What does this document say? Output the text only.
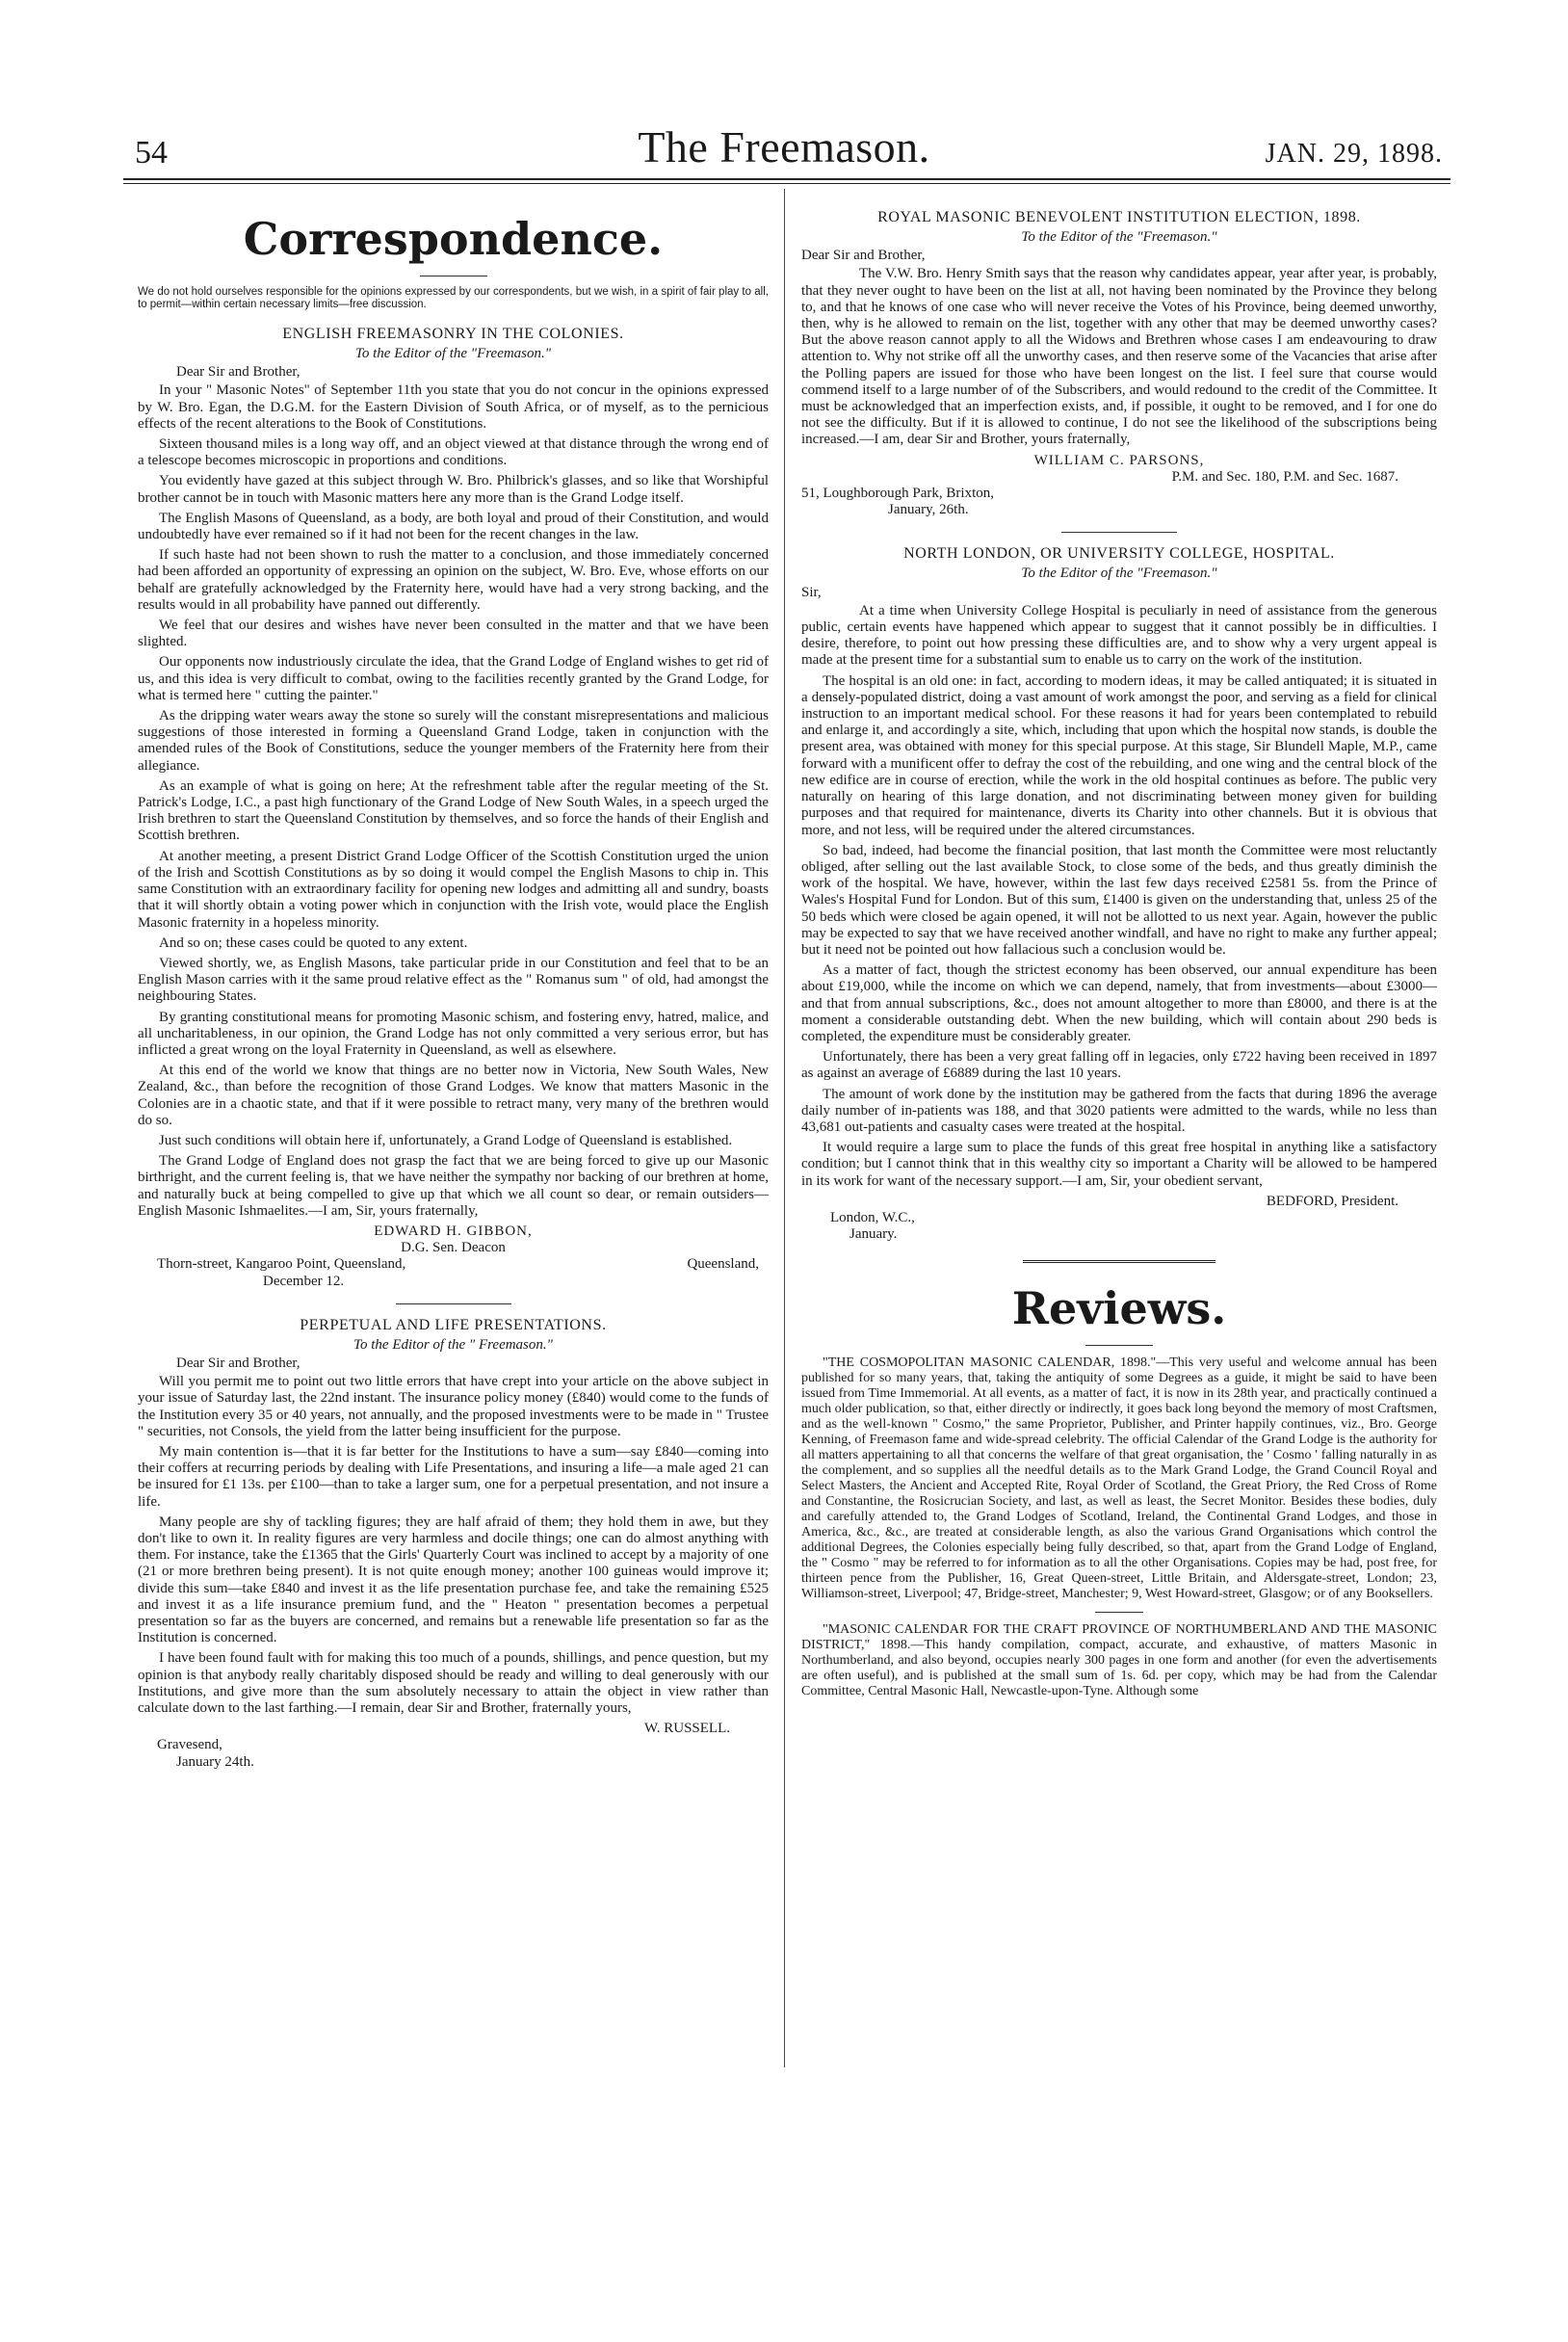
54	The Freemason.	JAN. 29, 1898.
Correspondence.
We do not hold ourselves responsible for the opinions expressed by our correspondents, but we wish, in a spirit of fair play to all, to permit—within certain necessary limits—free discussion.
ENGLISH FREEMASONRY IN THE COLONIES.
To the Editor of the "Freemason."
Dear Sir and Brother,

In your " Masonic Notes" of September 11th you state that you do not concur in the opinions expressed by W. Bro. Egan, the D.G.M. for the Eastern Division of South Africa, or of myself, as to the pernicious effects of the recent alterations to the Book of Constitutions.

Sixteen thousand miles is a long way off, and an object viewed at that distance through the wrong end of a telescope becomes microscopic in proportions and conditions.

You evidently have gazed at this subject through W. Bro. Philbrick's glasses, and so like that Worshipful brother cannot be in touch with Masonic matters here any more than is the Grand Lodge itself.

The English Masons of Queensland, as a body, are both loyal and proud of their Constitution, and would undoubtedly have ever remained so if it had not been for the recent changes in the law.

If such haste had not been shown to rush the matter to a conclusion, and those immediately concerned had been afforded an opportunity of expressing an opinion on the subject, W. Bro. Eve, whose efforts on our behalf are gratefully acknowledged by the Fraternity here, would have had a very strong backing, and the results would in all probability have panned out differently.

We feel that our desires and wishes have never been consulted in the matter and that we have been slighted.

Our opponents now industriously circulate the idea, that the Grand Lodge of England wishes to get rid of us, and this idea is very difficult to combat, owing to the facilities recently granted by the Grand Lodge, for what is termed here " cutting the painter."

As the dripping water wears away the stone so surely will the constant misrepresentations and malicious suggestions of those interested in forming a Queensland Grand Lodge, taken in conjunction with the amended rules of the Book of Constitutions, seduce the younger members of the Fraternity here from their allegiance.

As an example of what is going on here; At the refreshment table after the regular meeting of the St. Patrick's Lodge, I.C., a past high functionary of the Grand Lodge of New South Wales, in a speech urged the Irish brethren to start the Queensland Constitution by themselves, and so force the hands of their English and Scottish brethren.

At another meeting, a present District Grand Lodge Officer of the Scottish Constitution urged the union of the Irish and Scottish Constitutions as by so doing it would compel the English Masons to chip in. This same Constitution with an extraordinary facility for opening new lodges and admitting all and sundry, boasts that it will shortly obtain a voting power which in conjunction with the Irish vote, would place the English Masonic fraternity in a hopeless minority.

And so on; these cases could be quoted to any extent.

Viewed shortly, we, as English Masons, take particular pride in our Constitution and feel that to be an English Mason carries with it the same proud relative effect as the " Romanus sum " of old, had amongst the neighbouring States.

By granting constitutional means for promoting Masonic schism, and fostering envy, hatred, malice, and all uncharitableness, in our opinion, the Grand Lodge has not only committed a very serious error, but has inflicted a great wrong on the loyal Fraternity in Queensland, as well as elsewhere.

At this end of the world we know that things are no better now in Victoria, New South Wales, New Zealand, &c., than before the recognition of those Grand Lodges. We know that matters Masonic in the Colonies are in a chaotic state, and that if it were possible to retract many, very many of the brethren would do so.

Just such conditions will obtain here if, unfortunately, a Grand Lodge of Queensland is established.

The Grand Lodge of England does not grasp the fact that we are being forced to give up our Masonic birthright, and the current feeling is, that we have neither the sympathy nor backing of our brethren at home, and naturally buck at being compelled to give up that which we all count so dear, or remain outsiders—English Masonic Ishmaelites.—I am, Sir, yours fraternally,

EDWARD H. GIBBON,
D.G. Sen. Deacon
Thorn-street, Kangaroo Point, Queensland,	Queensland,
December 12.
PERPETUAL AND LIFE PRESENTATIONS.
To the Editor of the " Freemason."
Dear Sir and Brother,

Will you permit me to point out two little errors that have crept into your article on the above subject in your issue of Saturday last, the 22nd instant. The insurance policy money (£840) would come to the funds of the Institution every 35 or 40 years, not annually, and the proposed investments were to be made in " Trustee " securities, not Consols, the yield from the latter being insufficient for the purpose.

My main contention is—that it is far better for the Institutions to have a sum—say £840—coming into their coffers at recurring periods by dealing with Life Presentations, and insuring a life—a male aged 21 can be insured for £1 13s. per £100—than to take a larger sum, one for a perpetual presentation, and not insure a life.

Many people are shy of tackling figures; they are half afraid of them; they hold them in awe, but they don't like to own it. In reality figures are very harmless and docile things; one can do almost anything with them. For instance, take the £1365 that the Girls' Quarterly Court was inclined to accept by a majority of one (21 or more brethren being present). It is not quite enough money; another 100 guineas would improve it; divide this sum—take £840 and invest it as the life presentation purchase fee, and take the remaining £525 and invest it as a life insurance premium fund, and the " Heaton " presentation becomes a perpetual presentation so far as the buyers are concerned, and remains but a renewable life presentation so far as the Institution is concerned.

I have been found fault with for making this too much of a pounds, shillings, and pence question, but my opinion is that anybody really charitably disposed should be ready and willing to deal generously with our Institutions, and give more than the sum absolutely necessary to attain the object in view rather than calculate down to the last farthing.—I remain, dear Sir and Brother, fraternally yours,

W. RUSSELL.
Gravesend,
January 24th.
ROYAL MASONIC BENEVOLENT INSTITUTION ELECTION, 1898.
To the Editor of the "Freemason."
Dear Sir and Brother,

The V.W. Bro. Henry Smith says that the reason why candidates appear, year after year, is probably, that they never ought to have been on the list at all, not having been nominated by the Province they belong to, and that he knows of one case who will never receive the Votes of his Province, being deemed unworthy, then, why is he allowed to remain on the list, together with any other that may be deemed unworthy cases? But the above reason cannot apply to all the Widows and Brethren whose cases I am endeavouring to draw attention to. Why not strike off all the unworthy cases, and then reserve some of the Vacancies that arise after the Polling papers are issued for those who have been longest on the list. I feel sure that course would commend itself to a large number of of the Subscribers, and would redound to the credit of the Committee. It must be acknowledged that an imperfection exists, and, if possible, it ought to be removed, and I for one do not see the difficulty. But if it is allowed to continue, I do not see the likelihood of the subscriptions being increased.—I am, dear Sir and Brother, yours fraternally,

WILLIAM C. PARSONS,
P.M. and Sec. 180, P.M. and Sec. 1687.
51, Loughborough Park, Brixton,
January, 26th.
NORTH LONDON, OR UNIVERSITY COLLEGE, HOSPITAL.
To the Editor of the "Freemason."
Sir,

At a time when University College Hospital is peculiarly in need of assistance from the generous public, certain events have happened which appear to suggest that it cannot possibly be in difficulties. I desire, therefore, to point out how pressing these difficulties are, and to show why a very urgent appeal is made at the present time for a substantial sum to enable us to carry on the work of the institution.

The hospital is an old one: in fact, according to modern ideas, it may be called antiquated; it is situated in a densely-populated district, doing a vast amount of work amongst the poor, and serving as a field for clinical instruction to an important medical school. For these reasons it had for years been contemplated to rebuild and enlarge it, and accordingly a site, which, including that upon which the hospital now stands, is double the present area, was obtained with money for this special purpose. At this stage, Sir Blundell Maple, M.P., came forward with a munificent offer to defray the cost of the rebuilding, and one wing and the central block of the new edifice are in course of erection, while the work in the old hospital continues as before. The public very naturally on hearing of this large donation, and not discriminating between money given for building purposes and that required for maintenance, diverts its Charity into other channels. But it is obvious that more, and not less, will be required under the altered circumstances.

So bad, indeed, had become the financial position, that last month the Committee were most reluctantly obliged, after selling out the last available Stock, to close some of the beds, and thus greatly diminish the work of the hospital. We have, however, within the last few days received £2581 5s. from the Prince of Wales's Hospital Fund for London. But of this sum, £1400 is given on the understanding that, unless 25 of the 50 beds which were closed be again opened, it will not be allotted to us next year. Again, however the public may be expected to say that we have received another windfall, and have no right to make any further appeal; but it need not be pointed out how fallacious such a conclusion would be.

As a matter of fact, though the strictest economy has been observed, our annual expenditure has been about £19,000, while the income on which we can depend, namely, that from investments—about £3000—and that from annual subscriptions, &c., does not amount altogether to more than £8000, and there is at the moment a considerable outstanding debt. When the new building, which will contain about 290 beds is completed, the expenditure must be considerably greater.

Unfortunately, there has been a very great falling off in legacies, only £722 having been received in 1897 as against an average of £6889 during the last 10 years.

The amount of work done by the institution may be gathered from the facts that during 1896 the average daily number of in-patients was 188, and that 3020 patients were admitted to the wards, while no less than 43,681 out-patients and casualty cases were treated at the hospital.

It would require a large sum to place the funds of this great free hospital in anything like a satisfactory condition; but I cannot think that in this wealthy city so important a Charity will be allowed to be hampered in its work for want of the necessary support.—I am, Sir, your obedient servant,

BEDFORD, President.
London, W.C.,
January.
Reviews.

"THE COSMOPOLITAN MASONIC CALENDAR, 1898."—This very useful and welcome annual has been published for so many years, that, taking the antiquity of some Degrees as a guide, it might be said to have been issued from Time Immemorial. At all events, as a matter of fact, it is now in its 28th year, and practically continued a much older publication, so that, either directly or indirectly, it goes back long beyond the memory of most Craftsmen, and as the well-known " Cosmo," the same Proprietor, Publisher, and Printer happily continues, viz., Bro. George Kenning, of Freemason fame and wide-spread celebrity. The official Calendar of the Grand Lodge is the authority for all matters appertaining to all that concerns the welfare of that great organisation, the ' Cosmo ' falling naturally in as the complement, and so supplies all the needful details as to the Mark Grand Lodge, the Grand Council Royal and Select Masters, the Ancient and Accepted Rite, Royal Order of Scotland, the Great Priory, the Red Cross of Rome and Constantine, the Rosicrucian Society, and last, as well as least, the Secret Monitor. Besides these bodies, duly and carefully attended to, the Grand Lodges of Scotland, Ireland, the Continental Grand Lodges, and those in America, &c., &c., are treated at considerable length, as also the various Grand Organisations which control the additional Degrees, the Colonies especially being fully described, so that, apart from the Grand Lodge of England, the " Cosmo " may be referred to for information as to all the other Organisations. Copies may be had, post free, for thirteen pence from the Publisher, 16, Great Queen-street, Little Britain, and Aldersgate-street, London; 23, Williamson-street, Liverpool; 47, Bridge-street, Manchester; 9, West Howard-street, Glasgow; or of any Booksellers.

"MASONIC CALENDAR FOR THE CRAFT PROVINCE OF NORTHUMBERLAND AND THE MASONIC DISTRICT," 1898.—This handy compilation, compact, accurate, and exhaustive, of matters Masonic in Northumberland, and also beyond, occupies nearly 300 pages in one form and another (for even the advertisements are often useful), and is published at the small sum of 1s. 6d. per copy, which may be had from the Calendar Committee, Central Masonic Hall, Newcastle-upon-Tyne. Although some
